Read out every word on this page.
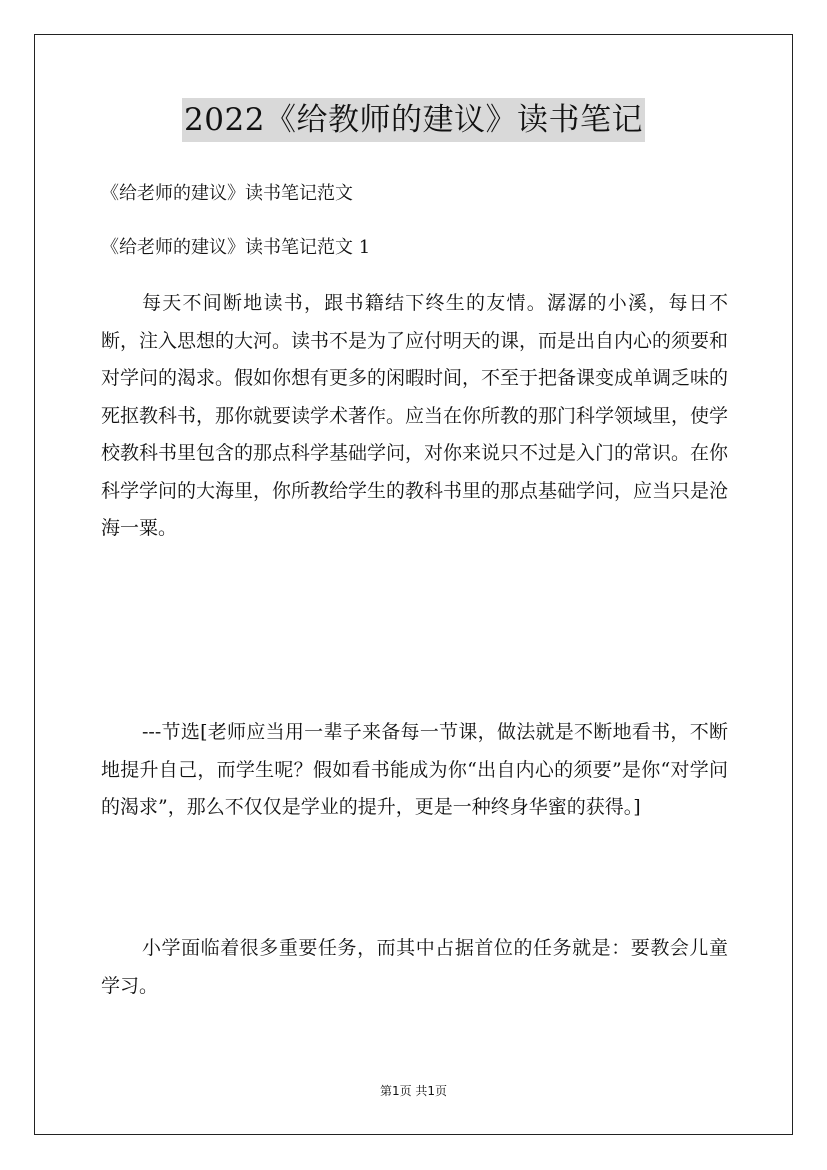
2022《给教师的建议》读书笔记
《给老师的建议》读书笔记范文
《给老师的建议》读书笔记范文 1

每天不间断地读书，跟书籍结下终生的友情。潺潺的小溪，每日不断，注入思想的大河。读书不是为了应付明天的课，而是出自内心的须要和对学问的渴求。假如你想有更多的闲暇时间，不至于把备课变成单调乏味的死抠教科书，那你就要读学术著作。应当在你所教的那门科学领域里，使学校教科书里包含的那点科学基础学问，对你来说只不过是入门的常识。在你科学学问的大海里，你所教给学生的教科书里的那点基础学问，应当只是沧海一粟。

---节选[老师应当用一辈子来备每一节课，做法就是不断地看书，不断地提升自己，而学生呢？假如看书能成为你“出自内心的须要”是你“对学问的渴求”，那么不仅仅是学业的提升，更是一种终身华蜜的获得。]

小学面临着很多重要任务，而其中占据首位的任务就是：要教会儿童学习。

第1页 共1页
